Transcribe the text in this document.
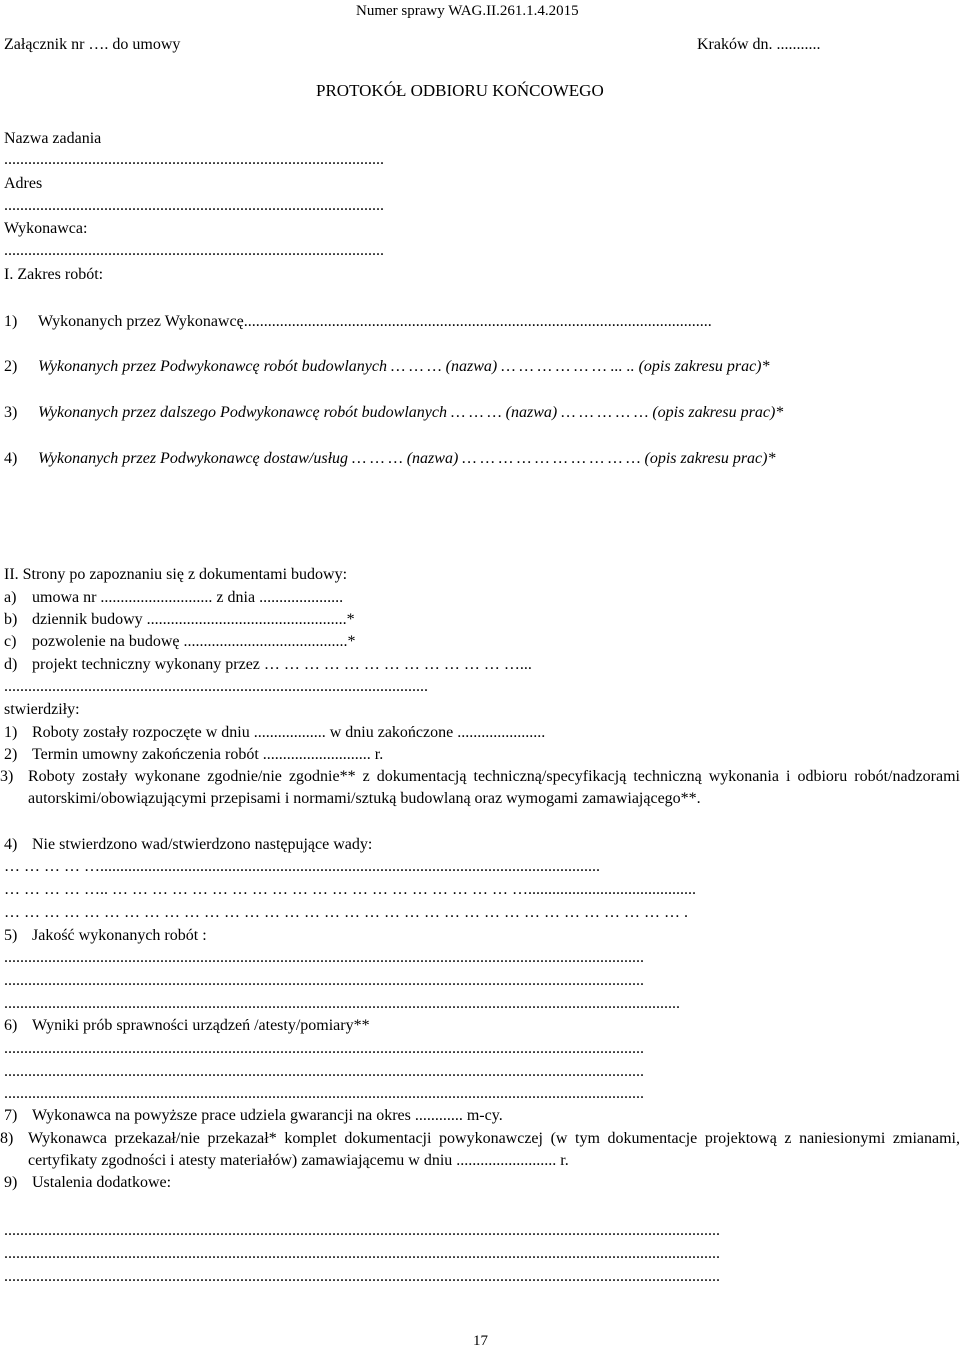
Numer sprawy WAG.II.261.1.4.2015
Załącznik nr …. do umowy	Kraków dn. ...........
PROTOKÓŁ ODBIORU KOŃCOWEGO
Nazwa zadania
...............................................................................................
Adres
...............................................................................................
Wykonawca:
...............................................................................................
I. Zakres robót:
1) Wykonanych przez Wykonawcę.....................................................................................................................
2) Wykonanych przez Podwykonawcę robót budowlanych … … … (nazwa) … … … … … … ... .. (opis zakresu prac)*
3) Wykonanych przez dalszego Podwykonawcę robót budowlanych … … … (nazwa) … … … … … (opis zakresu prac)*
4) Wykonanych przez Podwykonawcę dostaw/usług … … … (nazwa) … … … … … … … … … … (opis zakresu prac)*
II. Strony po zapoznaniu się z dokumentami budowy:
a) umowa nr ............................ z dnia .....................
b) dziennik budowy ..................................................*
c) pozwolenie na budowę .........................................*
d) projekt techniczny wykonany przez … … … … … … … … … … … … …...
..........................................................................................................
stwierdziły:
1) Roboty zostały rozpoczęte w dniu .................. w dniu zakończone ......................
2) Termin umowny zakończenia robót ........................... r.
3) Roboty zostały wykonane zgodnie/nie zgodnie** z dokumentacją techniczną/specyfikacją techniczną wykonania i odbioru robót/nadzorami autorskimi/obowiązującymi przepisami i normami/sztuką budowlaną oraz wymogami zamawiającego**.
4) Nie stwierdzono wad/stwierdzono następujące wady:
… … … … ….............................................................................................................................
… … … … ….. … … … … … … … … … … … … … … … … … … … … …..........................................
… … … … … … … … … … … … … … … … … … … … … … … … … … … … … … … … … … .
5) Jakość wykonanych robót :
................................................................................................................................................................
................................................................................................................................................................
.........................................................................................................................................................................
6) Wyniki prób sprawności urządzeń /atesty/pomiary**
................................................................................................................................................................
................................................................................................................................................................
................................................................................................................................................................
7) Wykonawca na powyższe prace udziela gwarancji na okres ............ m-cy.
8) Wykonawca przekazał/nie przekazał* komplet dokumentacji powykonawczej (w tym dokumentacje projektową z naniesionymi zmianami, certyfikaty zgodności i atesty materiałów) zamawiającemu w dniu ......................... r.
9) Ustalenia dodatkowe:
...................................................................................................................................................................................
...................................................................................................................................................................................
...................................................................................................................................................................................
17
